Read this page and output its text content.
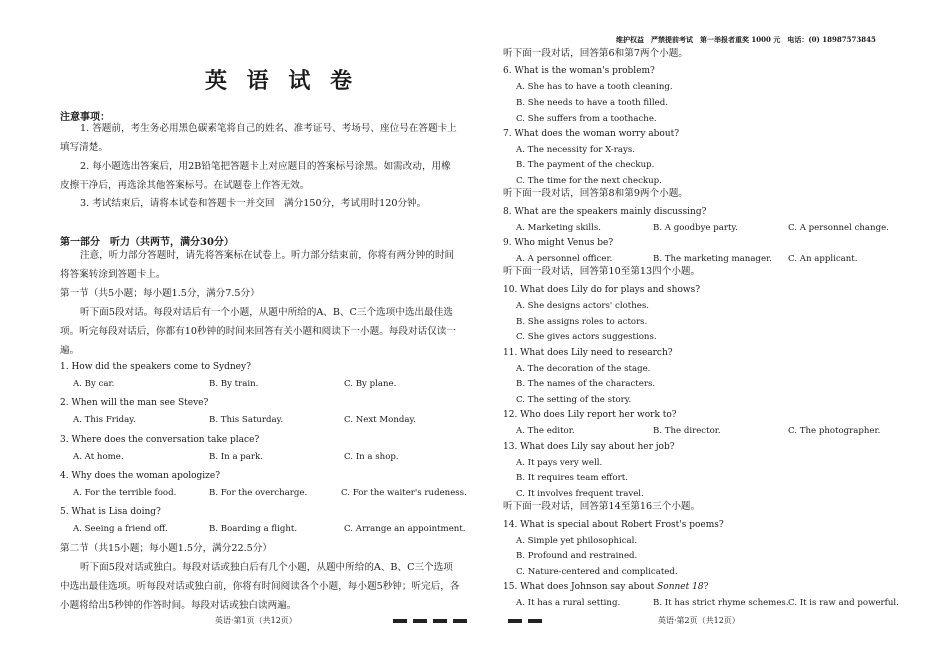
英 语 试 卷
注意事项：
1. 答题前，考生务必用黑色碳素笔将自己的姓名、准考证号、考场号、座位号在答题卡上填写清楚。
2. 每小题选出答案后，用2B铅笔把答题卡上对应题目的答案标号涂黑。如需改动，用橡皮擦干净后，再选涂其他答案标号。在试题卷上作答无效。
3. 考试结束后，请将本试卷和答题卡一并交回　满分150分，考试用时120分钟。
第一部分　听力（共两节，满分30分）
注意，听力部分答题时，请先将答案标在试卷上。听力部分结束前，你将有两分钟的时间将答案转涂到答题卡上。
第一节（共5小题；每小题1.5分，满分7.5分）
听下面5段对话。每段对话后有一个小题，从题中所给的A、B、C三个选项中选出最佳选项。听完每段对话后，你都有10秒钟的时间来回答有关小题和阅读下一小题。每段对话仅读一遍。
1. How did the speakers come to Sydney?
A. By car.	B. By train.	C. By plane.
2. When will the man see Steve?
A. This Friday.	B. This Saturday.	C. Next Monday.
3. Where does the conversation take place?
A. At home.	B. In a park.	C. In a shop.
4. Why does the woman apologize?
A. For the terrible food.	B. For the overcharge.	C. For the waiter's rudeness.
5. What is Lisa doing?
A. Seeing a friend off.	B. Boarding a flight.	C. Arrange an appointment.
第二节（共15小题；每小题1.5分，满分22.5分）
听下面5段对话或独白。每段对话或独白后有几个小题，从题中所给的A、B、C三个选项中选出最佳选项。听每段对话或独白前，你将有时间阅读各个小题，每小题5秒钟；听完后，各小题将给出5秒钟的作答时间。每段对话或独白读两遍。
英语·第1页（共12页）
维护权益　严禁提前考试　第一举报者重奖 1000 元　电话：(0) 18987573845
听下面一段对话，回答第6和第7两个小题。
6. What is the woman's problem?
A. She has to have a tooth cleaning.
B. She needs to have a tooth filled.
C. She suffers from a toothache.
7. What does the woman worry about?
A. The necessity for X-rays.
B. The payment of the checkup.
C. The time for the next checkup.
听下面一段对话，回答第8和第9两个小题。
8. What are the speakers mainly discussing?
A. Marketing skills.	B. A goodbye party.	C. A personnel change.
9. Who might Venus be?
A. A personnel officer.	B. The marketing manager. C. An applicant.
听下面一段对话，回答第10至第13四个小题。
10. What does Lily do for plays and shows?
A. She designs actors' clothes.
B. She assigns roles to actors.
C. She gives actors suggestions.
11. What does Lily need to research?
A. The decoration of the stage.
B. The names of the characters.
C. The setting of the story.
12. Who does Lily report her work to?
A. The editor.	B. The director.	C. The photographer.
13. What does Lily say about her job?
A. It pays very well.
B. It requires team effort.
C. It involves frequent travel.
听下面一段对话，回答第14至第16三个小题。
14. What is special about Robert Frost's poems?
A. Simple yet philosophical.
B. Profound and restrained.
C. Nature-centered and complicated.
15. What does Johnson say about Sonnet 18?
A. It has a rural setting.	B. It has strict rhyme schemes. C. It is raw and powerful.
英语·第2页（共12页）
